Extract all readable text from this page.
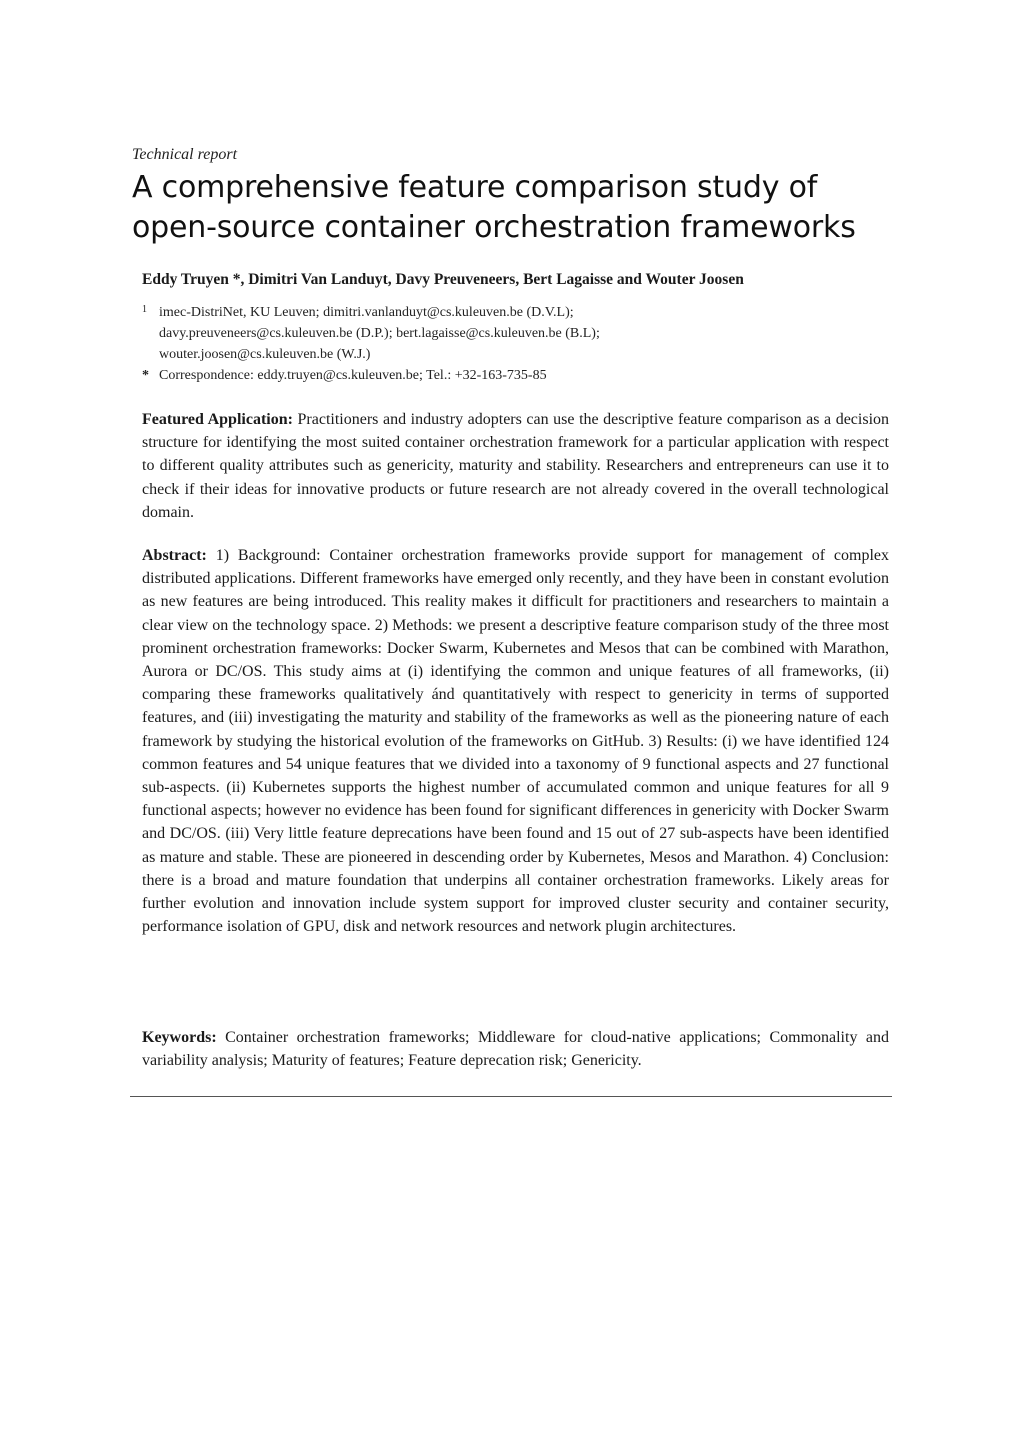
Technical report
A comprehensive feature comparison study of open-source container orchestration frameworks
Eddy Truyen *, Dimitri Van Landuyt, Davy Preuveneers, Bert Lagaisse and Wouter Joosen
1 imec-DistriNet, KU Leuven; dimitri.vanlanduyt@cs.kuleuven.be (D.V.L);
davy.preuveneers@cs.kuleuven.be (D.P.); bert.lagaisse@cs.kuleuven.be (B.L);
wouter.joosen@cs.kuleuven.be (W.J.)
* Correspondence: eddy.truyen@cs.kuleuven.be; Tel.: +32-163-735-85

Featured Application: Practitioners and industry adopters can use the descriptive feature comparison as a decision structure for identifying the most suited container orchestration framework for a particular application with respect to different quality attributes such as genericity, maturity and stability. Researchers and entrepreneurs can use it to check if their ideas for innovative products or future research are not already covered in the overall technological domain.

Abstract: 1) Background: Container orchestration frameworks provide support for management of complex distributed applications. Different frameworks have emerged only recently, and they have been in constant evolution as new features are being introduced. This reality makes it difficult for practitioners and researchers to maintain a clear view on the technology space. 2) Methods: we present a descriptive feature comparison study of the three most prominent orchestration frameworks: Docker Swarm, Kubernetes and Mesos that can be combined with Marathon, Aurora or DC/OS. This study aims at (i) identifying the common and unique features of all frameworks, (ii) comparing these frameworks qualitatively ánd quantitatively with respect to genericity in terms of supported features, and (iii) investigating the maturity and stability of the frameworks as well as the pioneering nature of each framework by studying the historical evolution of the frameworks on GitHub. 3) Results: (i) we have identified 124 common features and 54 unique features that we divided into a taxonomy of 9 functional aspects and 27 functional sub-aspects. (ii) Kubernetes supports the highest number of accumulated common and unique features for all 9 functional aspects; however no evidence has been found for significant differences in genericity with Docker Swarm and DC/OS. (iii) Very little feature deprecations have been found and 15 out of 27 sub-aspects have been identified as mature and stable. These are pioneered in descending order by Kubernetes, Mesos and Marathon. 4) Conclusion: there is a broad and mature foundation that underpins all container orchestration frameworks. Likely areas for further evolution and innovation include system support for improved cluster security and container security, performance isolation of GPU, disk and network resources and network plugin architectures.

Keywords: Container orchestration frameworks; Middleware for cloud-native applications; Commonality and variability analysis; Maturity of features; Feature deprecation risk; Genericity.
